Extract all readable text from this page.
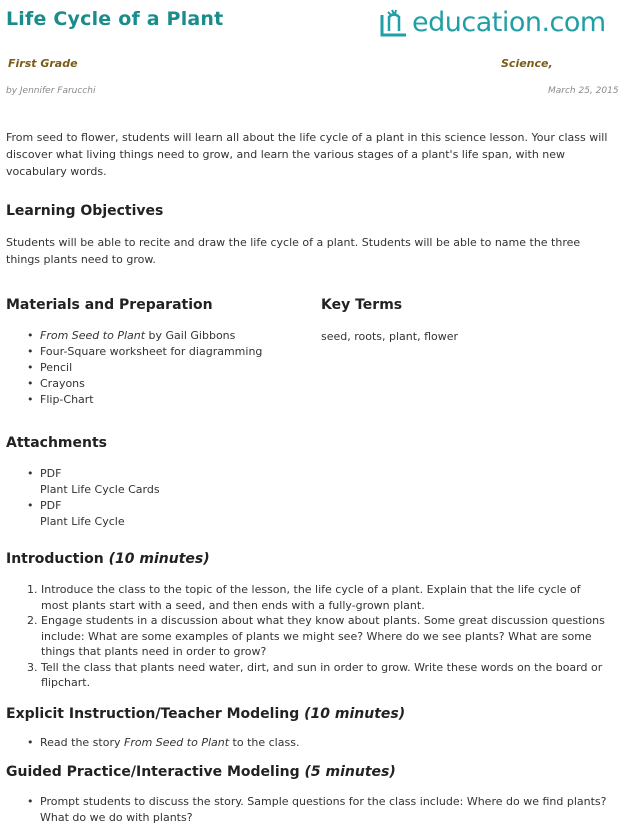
Life Cycle of a Plant	education.com
First Grade	Science,
by Jennifer Farucchi	March 25, 2015
From seed to flower, students will learn all about the life cycle of a plant in this science lesson. Your class will discover what living things need to grow, and learn the various stages of a plant's life span, with new vocabulary words.
Learning Objectives
Students will be able to recite and draw the life cycle of a plant. Students will be able to name the three things plants need to grow.
Materials and Preparation
• From Seed to Plant by Gail Gibbons
• Four-Square worksheet for diagramming
• Pencil
• Crayons
• Flip-Chart
Key Terms
seed, roots, plant, flower
Attachments
• PDF
Plant Life Cycle Cards
• PDF
Plant Life Cycle
Introduction (10 minutes)
1. Introduce the class to the topic of the lesson, the life cycle of a plant. Explain that the life cycle of most plants start with a seed, and then ends with a fully-grown plant.
2. Engage students in a discussion about what they know about plants. Some great discussion questions include: What are some examples of plants we might see? Where do we see plants? What are some things that plants need in order to grow?
3. Tell the class that plants need water, dirt, and sun in order to grow. Write these words on the board or flipchart.
Explicit Instruction/Teacher Modeling (10 minutes)
• Read the story From Seed to Plant to the class.
Guided Practice/Interactive Modeling (5 minutes)
• Prompt students to discuss the story. Sample questions for the class include: Where do we find plants? What do we do with plants?
